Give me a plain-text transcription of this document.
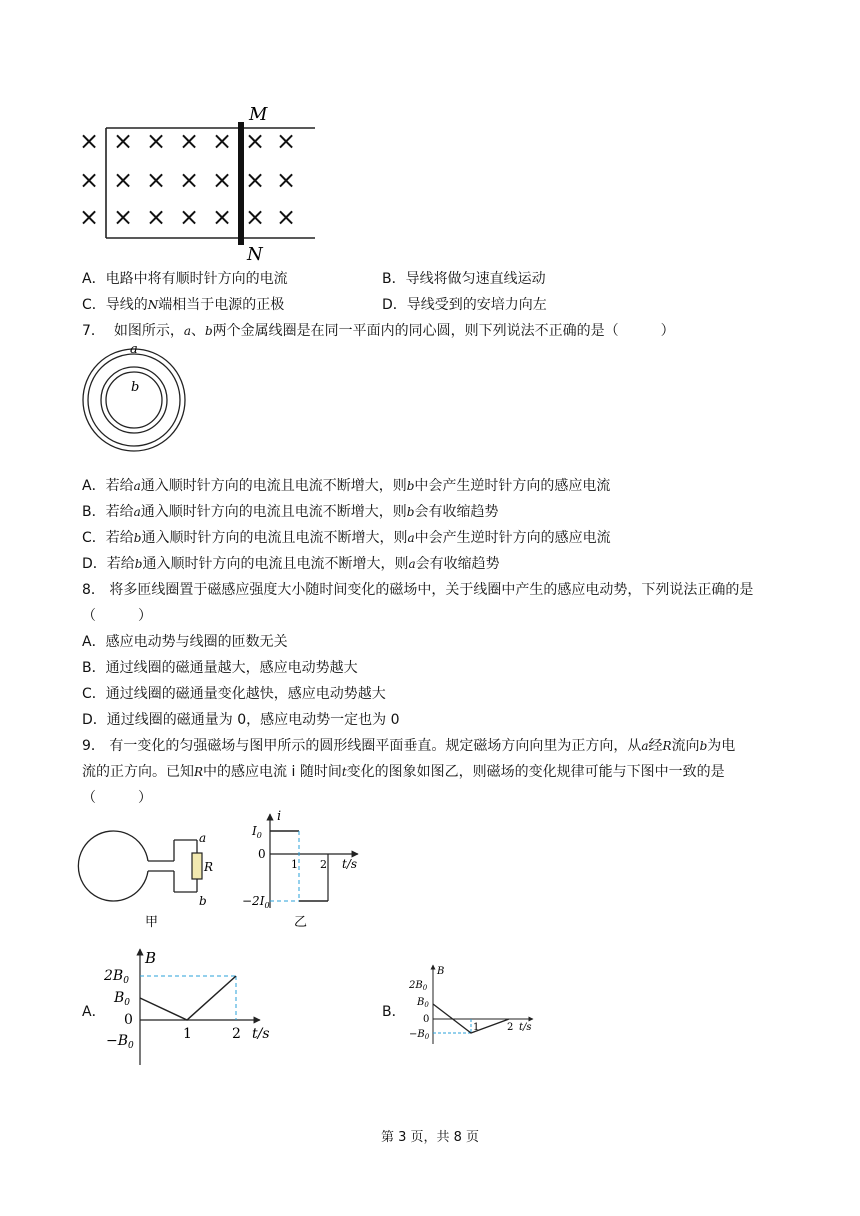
× × × × × × ×
× × × × × × ×
× × × × × × ×
M
N
A．电路中将有顺时针方向的电流	B．导线将做匀速直线运动
C．导线的N端相当于电源的正极	D．导线受到的安培力向左
7． 如图所示，a、b两个金属线圈是在同一平面内的同心圆，则下列说法不正确的是（　　　）
a
b
A．若给a通入顺时针方向的电流且电流不断增大，则b中会产生逆时针方向的感应电流
B．若给a通入顺时针方向的电流且电流不断增大，则b会有收缩趋势
C．若给b通入顺时针方向的电流且电流不断增大，则a中会产生逆时针方向的感应电流
D．若给b通入顺时针方向的电流且电流不断增大，则a会有收缩趋势
8． 将多匝线圈置于磁感应强度大小随时间变化的磁场中，关于线圈中产生的感应电动势，下列说法正确的是
（　　　）
A．感应电动势与线圈的匝数无关
B．通过线圈的磁通量越大，感应电动势越大
C．通过线圈的磁通量变化越快，感应电动势越大
D．通过线圈的磁通量为 0，感应电动势一定也为 0
9． 有一变化的匀强磁场与图甲所示的圆形线圈平面垂直。规定磁场方向向里为正方向，从a经R流向b为电
流的正方向。已知R中的感应电流 i 随时间t变化的图象如图乙，则磁场的变化规律可能与下图中一致的是
（　　　）
a
R
b
甲
i
$I_0$
0
1 2 t/s
$-2I_0$
乙
A．
B
$2B_0$
$B_0$
0
$-B_0$
1	2 t/s
B．
B
$2B_0$
$B_0$
0
$-B_0$
1	2 t/s
第 3 页，共 8 页
